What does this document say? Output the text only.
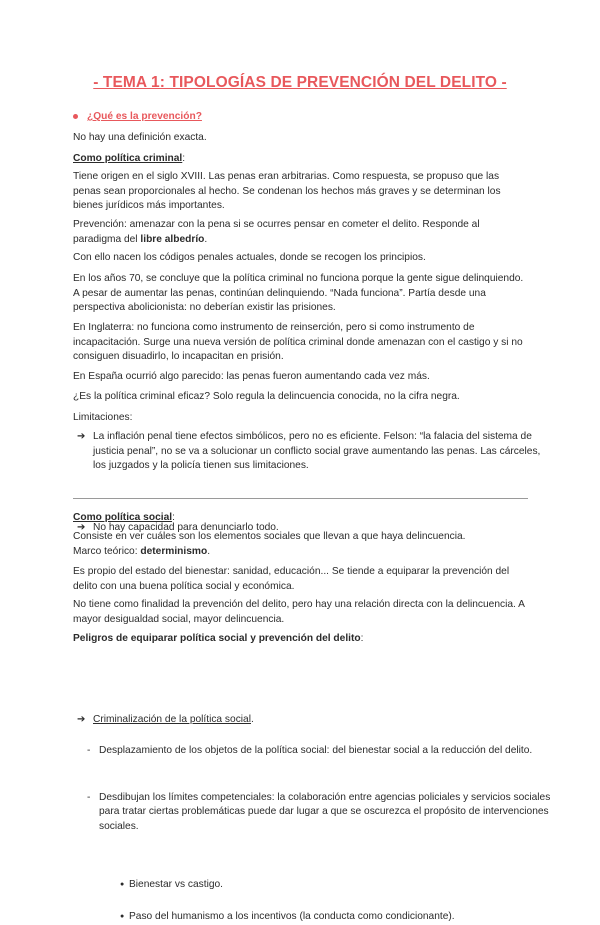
- TEMA 1: TIPOLOGÍAS DE PREVENCIÓN DEL DELITO -
¿Qué es la prevención?

No hay una definición exacta.

Como política criminal:

Tiene origen en el siglo XVIII. Las penas eran arbitrarias. Como respuesta, se propuso que las penas sean proporcionales al hecho. Se condenan los hechos más graves y se determinan los bienes jurídicos más importantes.

Prevención: amenazar con la pena si se ocurres pensar en cometer el delito. Responde al paradigma del libre albedrío.

Con ello nacen los códigos penales actuales, donde se recogen los principios.

En los años 70, se concluye que la política criminal no funciona porque la gente sigue delinquiendo. A pesar de aumentar las penas, continúan delinquiendo. “Nada funciona”. Partía desde una perspectiva abolicionista: no deberían existir las prisiones.

En Inglaterra: no funciona como instrumento de reinserción, pero si como instrumento de incapacitación. Surge una nueva versión de política criminal donde amenazan con el castigo y si no consiguen disuadirlo, lo incapacitan en prisión.

En España ocurrió algo parecido: las penas fueron aumentando cada vez más.

¿Es la política criminal eficaz? Solo regula la delincuencia conocida, no la cifra negra.

Limitaciones:

➔ La inflación penal tiene efectos simbólicos, pero no es eficiente. Felson: “la falacia del sistema de justicia penal”, no se va a solucionar un conflicto social grave aumentando las penas. Las cárceles, los juzgados y la policía tienen sus limitaciones.
➔ No hay capacidad para denunciarlo todo.

Como política social:

Consiste en ver cuáles son los elementos sociales que llevan a que haya delincuencia.

Marco teórico: determinismo.

Es propio del estado del bienestar: sanidad, educación... Se tiende a equiparar la prevención del delito con una buena política social y económica.

No tiene como finalidad la prevención del delito, pero hay una relación directa con la delincuencia. A mayor desigualdad social, mayor delincuencia.

Peligros de equiparar política social y prevención del delito:

➔ Criminalización de la política social.
- Desplazamiento de los objetos de la política social: del bienestar social a la reducción del delito.
- Desdibujan los límites competenciales: la colaboración entre agencias policiales y servicios sociales para tratar ciertas problemáticas puede dar lugar a que se oscurezca el propósito de intervenciones sociales.
● Bienestar vs castigo.
● Paso del humanismo a los incentivos (la conducta como condicionante).
